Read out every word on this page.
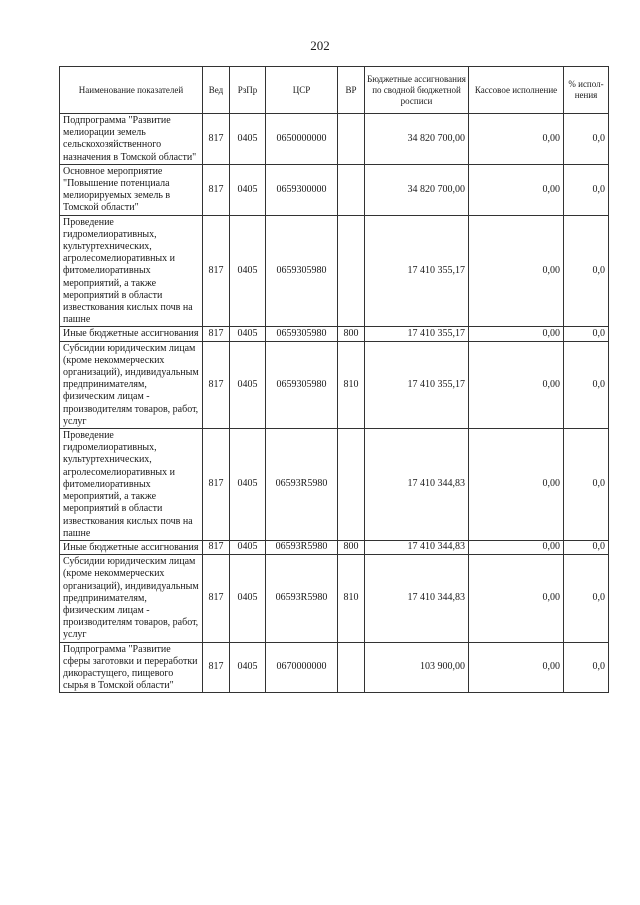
202
Наименование показателей	Вед	РзПр	ЦСР	ВР	Бюджетные ассигнования по сводной бюджетной росписи	Кассовое исполнение	% испол-нения
Подпрограмма "Развитие мелиорации земель сельскохозяйственного назначения в Томской области"	817	0405	0650000000		34 820 700,00	0,00	0,0
Основное мероприятие "Повышение потенциала мелиорируемых земель в Томской области"	817	0405	0659300000		34 820 700,00	0,00	0,0
Проведение гидромелиоративных, культуртехнических, агролесомелиоративных и фитомелиоративных мероприятий, а также мероприятий в области известкования кислых почв на пашне	817	0405	0659305980		17 410 355,17	0,00	0,0
Иные бюджетные ассигнования	817	0405	0659305980	800	17 410 355,17	0,00	0,0
Субсидии юридическим лицам (кроме некоммерческих организаций), индивидуальным предпринимателям, физическим лицам - производителям товаров, работ, услуг	817	0405	0659305980	810	17 410 355,17	0,00	0,0
Проведение гидромелиоративных, культуртехнических, агролесомелиоративных и фитомелиоративных мероприятий, а также мероприятий в области известкования кислых почв на пашне	817	0405	06593R5980		17 410 344,83	0,00	0,0
Иные бюджетные ассигнования	817	0405	06593R5980	800	17 410 344,83	0,00	0,0
Субсидии юридическим лицам (кроме некоммерческих организаций), индивидуальным предпринимателям, физическим лицам - производителям товаров, работ, услуг	817	0405	06593R5980	810	17 410 344,83	0,00	0,0
Подпрограмма "Развитие сферы заготовки и переработки дикорастущего, пищевого сырья в Томской области"	817	0405	0670000000		103 900,00	0,00	0,0
